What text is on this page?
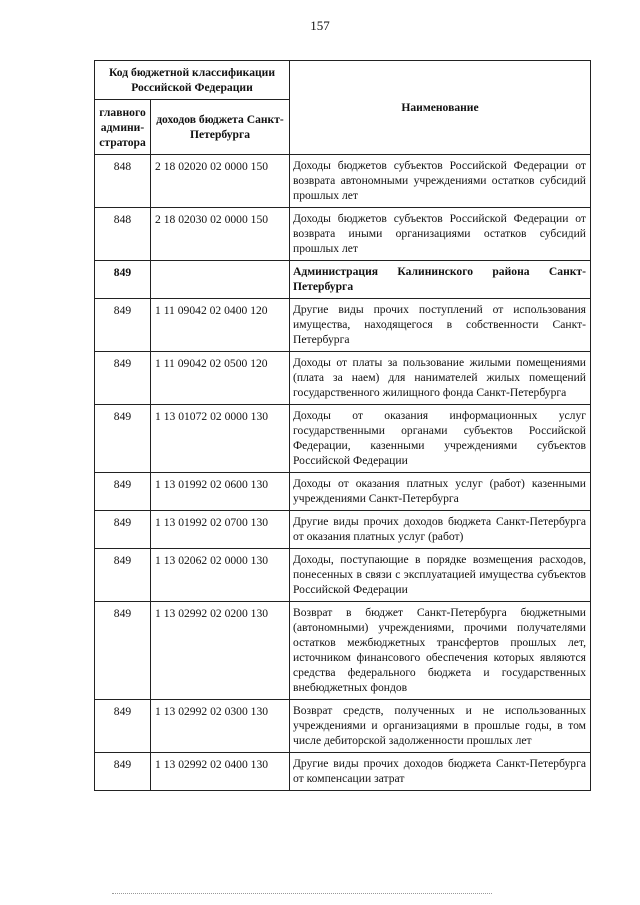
157
Код бюджетной классификации Российской Федерации		Наименование
главного админи-стратора	доходов бюджета Санкт-Петербурга	
848	2 18 02020 02 0000 150	Доходы бюджетов субъектов Российской Федерации от возврата автономными учреждениями остатков субсидий прошлых лет
848	2 18 02030 02 0000 150	Доходы бюджетов субъектов Российской Федерации от возврата иными организациями остатков субсидий прошлых лет
849		Администрация Калининского района Санкт-Петербурга
849	1 11 09042 02 0400 120	Другие виды прочих поступлений от использования имущества, находящегося в собственности Санкт-Петербурга
849	1 11 09042 02 0500 120	Доходы от платы за пользование жилыми помещениями (плата за наем) для нанимателей жилых помещений государственного жилищного фонда Санкт-Петербурга
849	1 13 01072 02 0000 130	Доходы от оказания информационных услуг государственными органами субъектов Российской Федерации, казенными учреждениями субъектов Российской Федерации
849	1 13 01992 02 0600 130	Доходы от оказания платных услуг (работ) казенными учреждениями Санкт-Петербурга
849	1 13 01992 02 0700 130	Другие виды прочих доходов бюджета Санкт-Петербурга от оказания платных услуг (работ)
849	1 13 02062 02 0000 130	Доходы, поступающие в порядке возмещения расходов, понесенных в связи с эксплуатацией имущества субъектов Российской Федерации
849	1 13 02992 02 0200 130	Возврат в бюджет Санкт-Петербурга бюджетными (автономными) учреждениями, прочими получателями остатков межбюджетных трансфертов прошлых лет, источником финансового обеспечения которых являются средства федерального бюджета и государственных внебюджетных фондов
849	1 13 02992 02 0300 130	Возврат средств, полученных и не использованных учреждениями и организациями в прошлые годы, в том числе дебиторской задолженности прошлых лет
849	1 13 02992 02 0400 130	Другие виды прочих доходов бюджета Санкт-Петербурга от компенсации затрат
